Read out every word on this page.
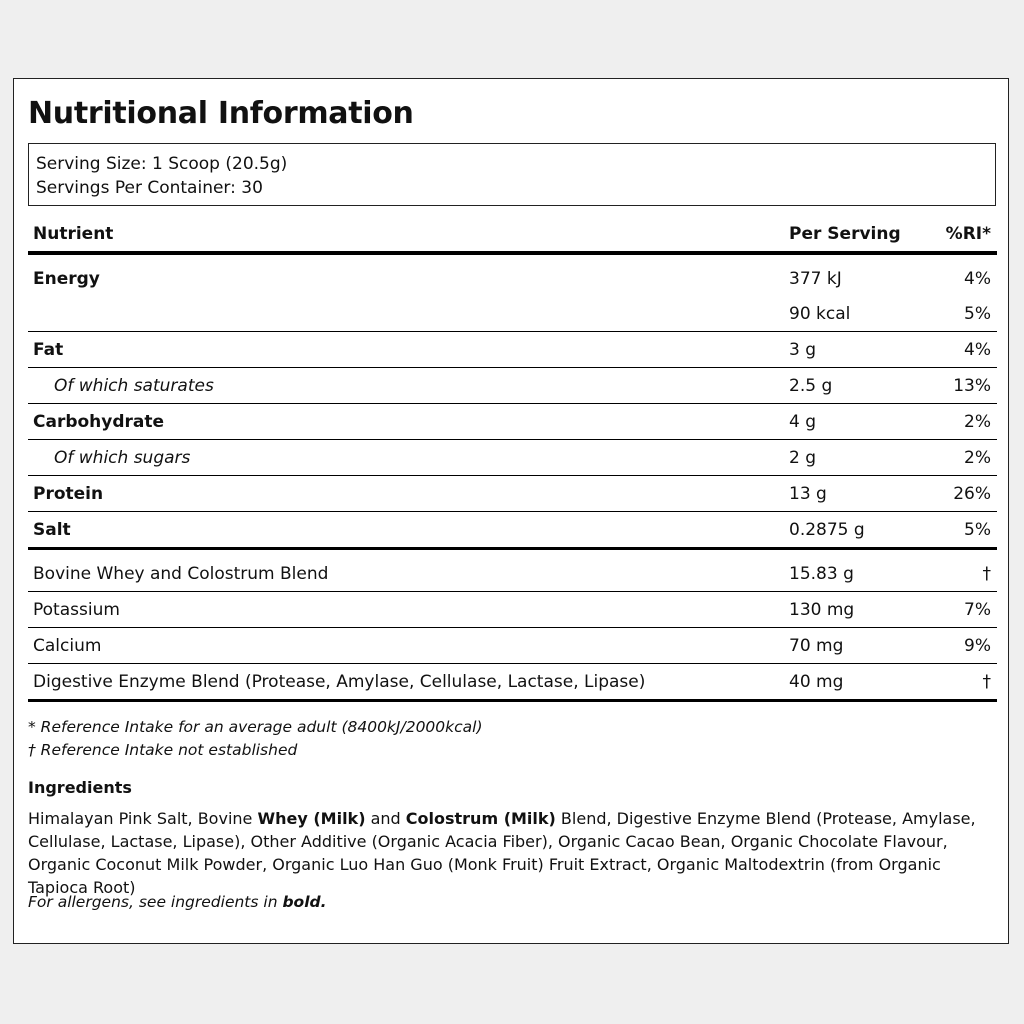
Nutritional Information
Serving Size: 1 Scoop (20.5g)
Servings Per Container: 30
Nutrient	Per Serving	%RI*

Energy	377 kJ	4%
	90 kcal	5%
Fat	3 g	4%
Of which saturates	2.5 g	13%
Carbohydrate	4 g	2%
Of which sugars	2 g	2%
Protein	13 g	26%
Salt	0.2875 g	5%

Bovine Whey and Colostrum Blend	15.83 g	†
Potassium	130 mg	7%
Calcium	70 mg	9%
Digestive Enzyme Blend (Protease, Amylase, Cellulase, Lactase, Lipase)	40 mg	†
* Reference Intake for an average adult (8400kJ/2000kcal)
† Reference Intake not established
Ingredients
Himalayan Pink Salt, Bovine Whey (Milk) and Colostrum (Milk) Blend, Digestive Enzyme Blend (Protease, Amylase, Cellulase, Lactase, Lipase), Other Additive (Organic Acacia Fiber), Organic Cacao Bean, Organic Chocolate Flavour, Organic Coconut Milk Powder, Organic Luo Han Guo (Monk Fruit) Fruit Extract, Organic Maltodextrin (from Organic Tapioca Root)
For allergens, see ingredients in bold.
